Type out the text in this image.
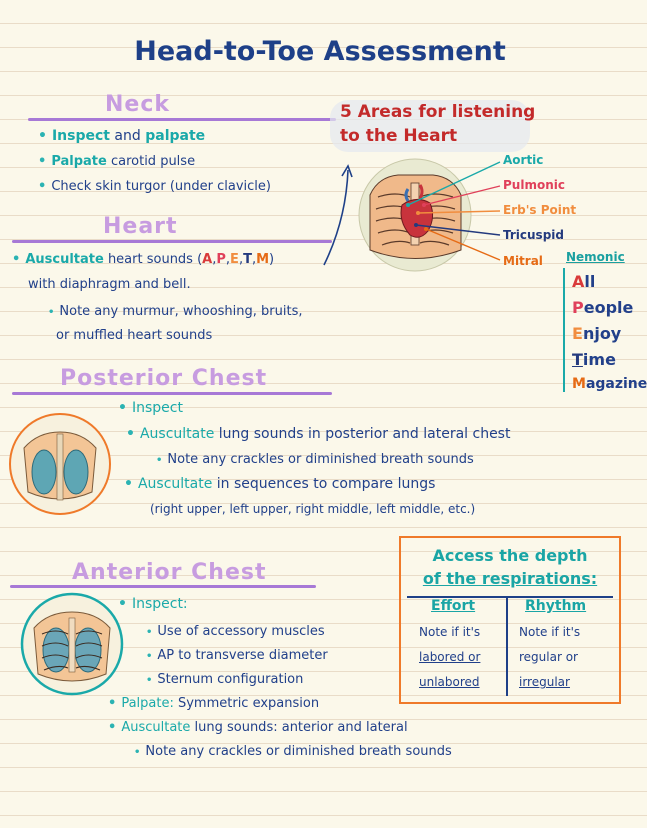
Head-to-Toe Assessment
Neck
• Inspect and palpate
• Palpate carotid pulse
• Check skin turgor (under clavicle)
Heart
• Auscultate heart sounds (A,P,E,T,M)
with diaphragm and bell.
• Note any murmur, whooshing, bruits,
or muffled heart sounds
5 Areas for listening
to the Heart
Aortic
Pulmonic
Erb's Point
Tricuspid
Mitral Nemonic
All
People
Enjoy
Time
Magazine
Posterior Chest
• Inspect
• Auscultate lung sounds in posterior and lateral chest
• Note any crackles or diminished breath sounds
• Auscultate in sequences to compare lungs
(right upper, left upper, right middle, left middle, etc.)
Access the depth
of the respirations:
Effort	Rhythm
Note if it's
labored or
unlabored
Note if it's
regular or
irregular
Anterior Chest
• Inspect:
• Use of accessory muscles
• AP to transverse diameter
• Sternum configuration
• Palpate: Symmetric expansion
• Auscultate lung sounds: anterior and lateral
• Note any crackles or diminished breath sounds
